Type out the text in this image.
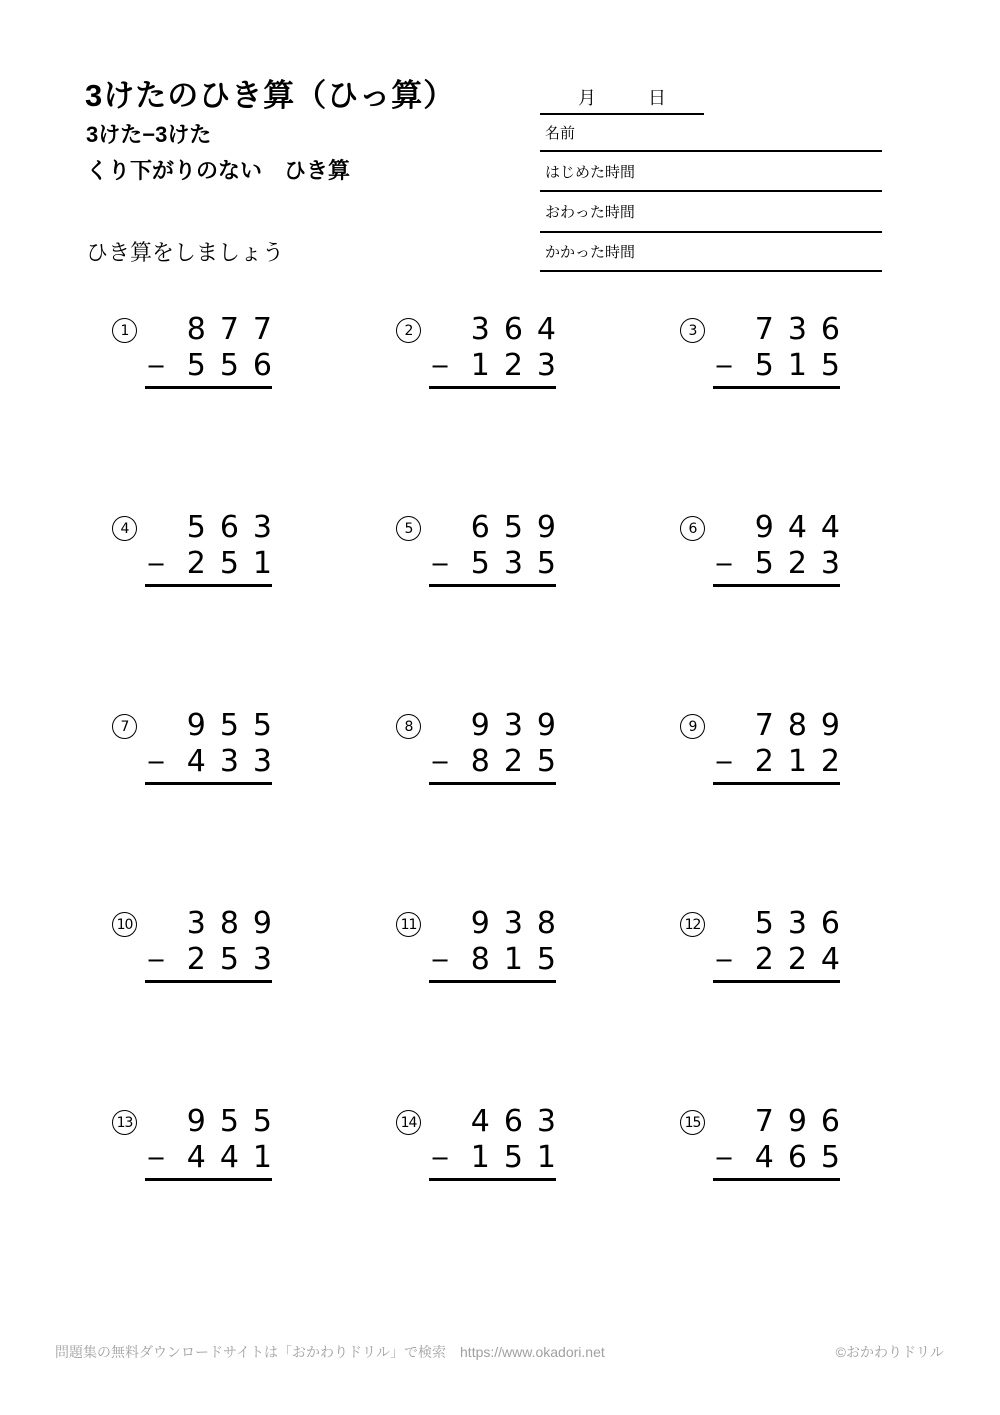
3けたのひき算（ひっ算）
3けた−3けた
くり下がりのない　ひき算
ひき算をしましょう
月	日
名前
はじめた時間
おわった時間
かかった時間
1	877
− 556
2	364
− 123
3	736
− 515
4	563
− 251
5	659
− 535
6	944
− 523
7	955
− 433
8	939
− 825
9	789
− 212
10	389
− 253
11	938
− 815
12	536
− 224
13	955
− 441
14	463
− 151
15	796
− 465
問題集の無料ダウンロードサイトは「おかわりドリル」で検索　https://www.okadori.net	©おかわりドリル
